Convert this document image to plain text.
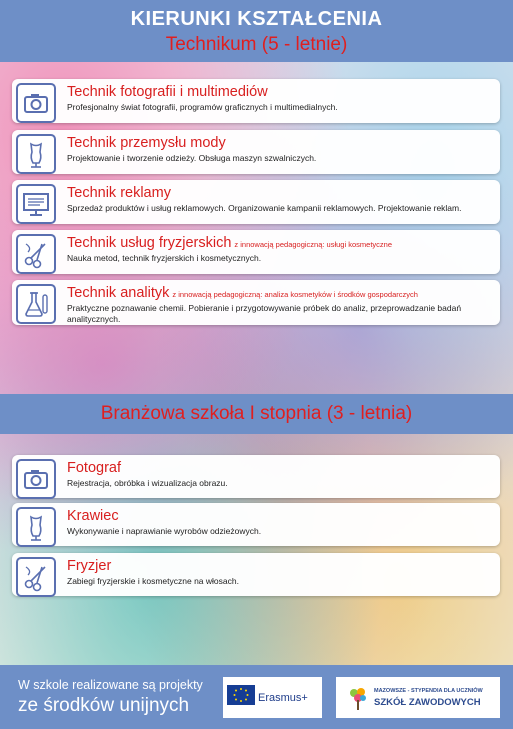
KIERUNKI KSZTAŁCENIA
Technikum (5 - letnie)
Technik fotografii i multimediów
Profesjonalny świat fotografii, programów graficznych i multimedialnych.
Technik przemysłu mody
Projektowanie i tworzenie odzieży. Obsługa maszyn szwalniczych.
Technik reklamy
Sprzedaż produktów i usług reklamowych. Organizowanie kampanii reklamowych. Projektowanie reklam.
Technik usług fryzjerskich z innowacją pedagogiczną: usługi kosmetyczne
Nauka metod, technik fryzjerskich i kosmetycznych.
Technik analityk z innowacją pedagogiczną: analiza kosmetyków i środków gospodarczych
Praktyczne poznawanie chemii. Pobieranie i przygotowywanie próbek do analiz, przeprowadzanie badań analitycznych.
Branżowa szkoła I stopnia (3 - letnia)
Fotograf
Rejestracja, obróbka i wizualizacja obrazu.
Krawiec
Wykonywanie i naprawianie wyrobów odzieżowych.
Fryzjer
Zabiegi fryzjerskie i kosmetyczne na włosach.
W szkole realizowane są projekty
ze środków unijnych	Erasmus+
MAZOWSZE - STYPENDIA DLA UCZNIÓW
SZKÓŁ ZAWODOWYCH
